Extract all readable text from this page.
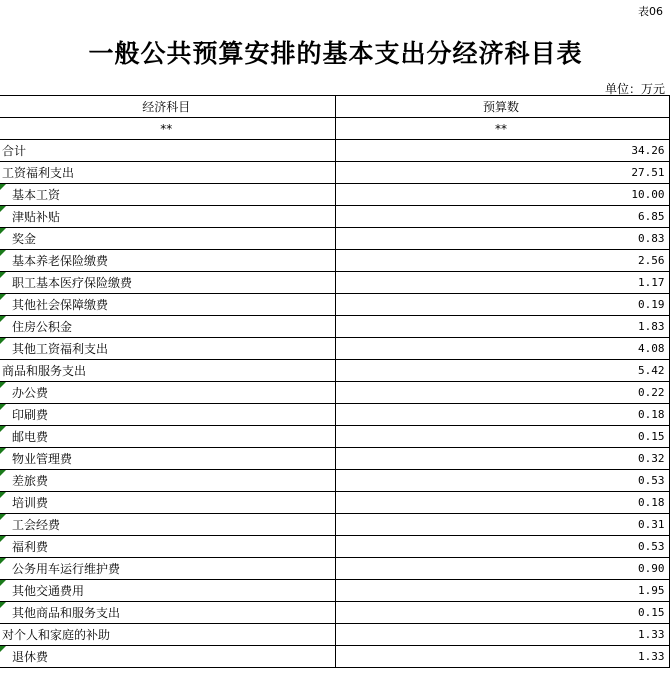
表06
一般公共预算安排的基本支出分经济科目表
单位：万元
经济科目	预算数
**	**
合计	34.26
工资福利支出	27.51
基本工资	10.00
津贴补贴	6.85
奖金	0.83
基本养老保险缴费	2.56
职工基本医疗保险缴费	1.17
其他社会保障缴费	0.19
住房公积金	1.83
其他工资福利支出	4.08
商品和服务支出	5.42
办公费	0.22
印刷费	0.18
邮电费	0.15
物业管理费	0.32
差旅费	0.53
培训费	0.18
工会经费	0.31
福利费	0.53
公务用车运行维护费	0.90
其他交通费用	1.95
其他商品和服务支出	0.15
对个人和家庭的补助	1.33
退休费	1.33
